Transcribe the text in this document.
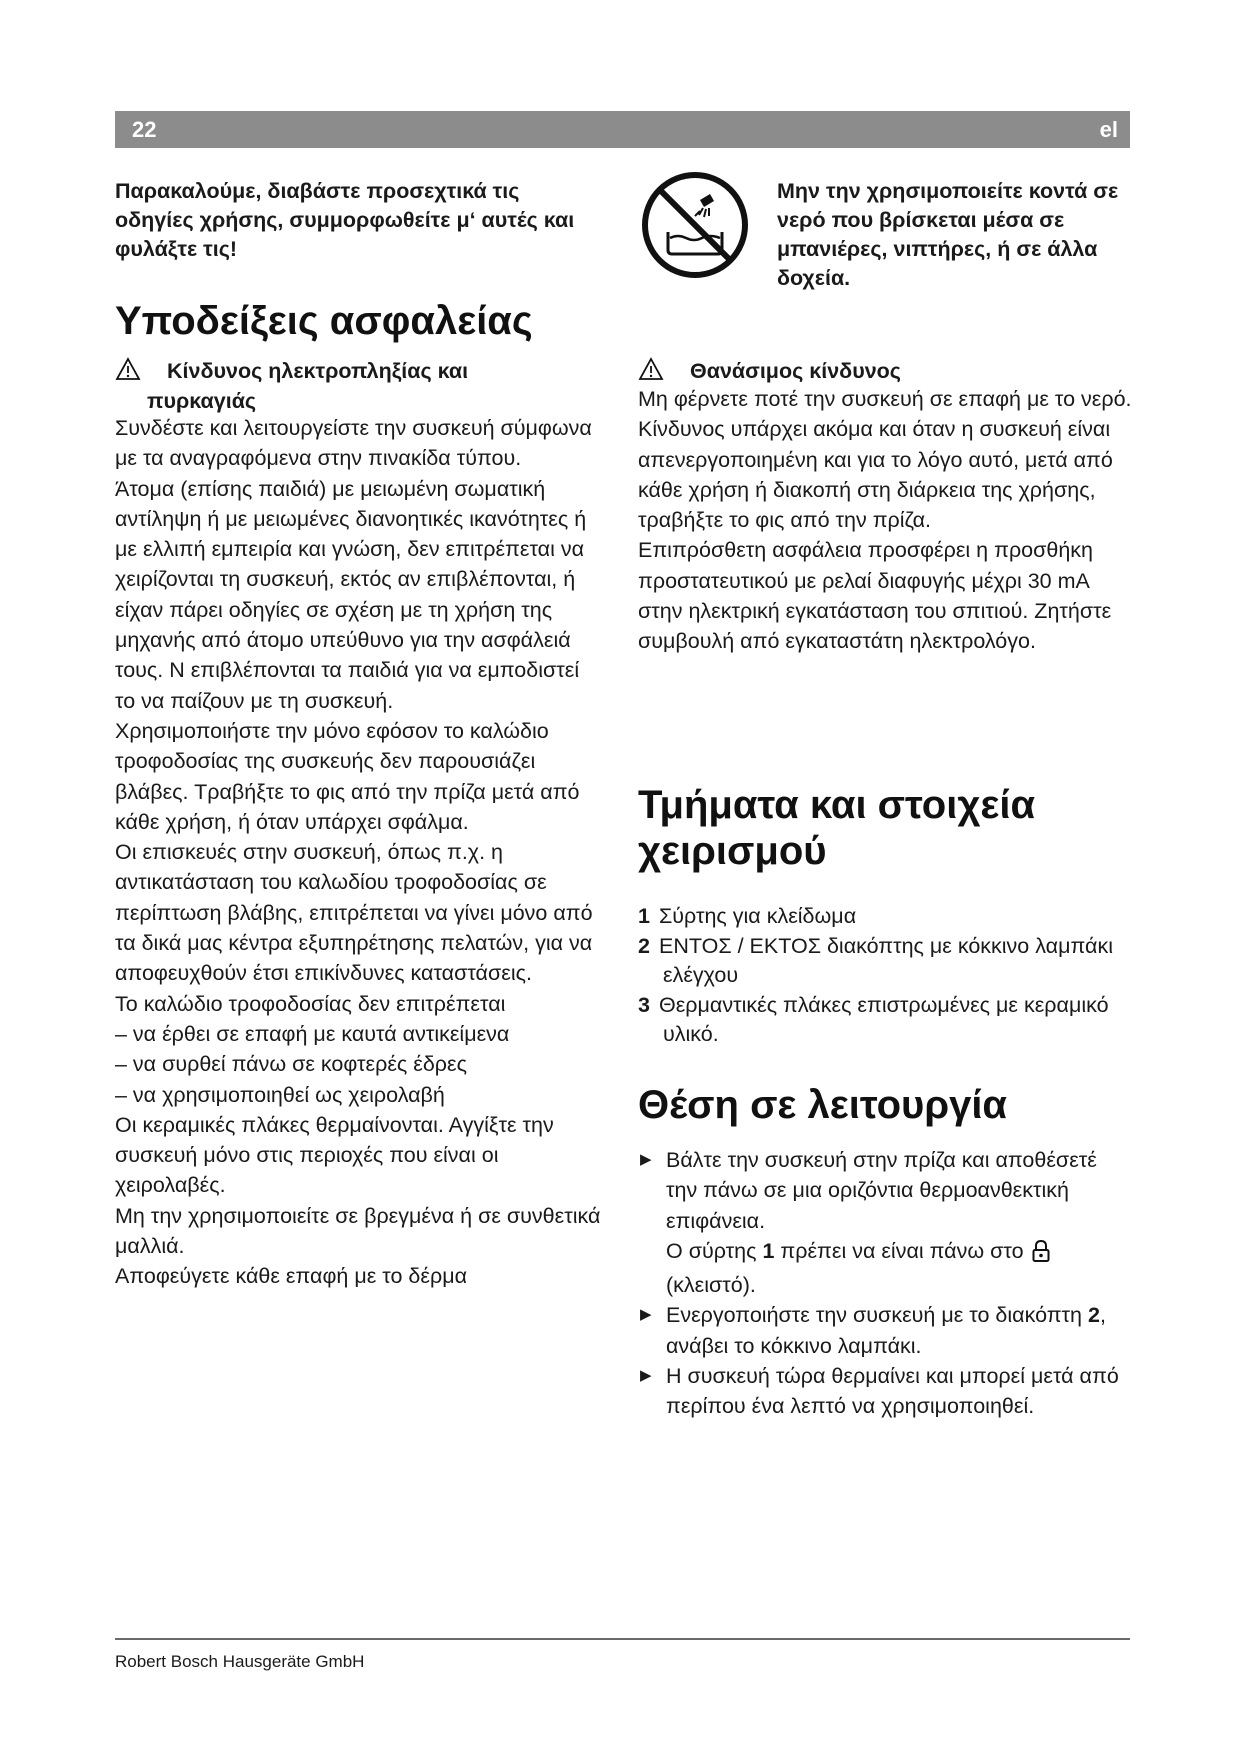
22	el
Παρακαλούμε, διαβάστε προσεχτικά τις οδηγίες χρήσης, συμμορφωθείτε μ‘ αυτές και φυλάξτε τις!
Μην την χρησιμοποιείτε κοντά σε νερό που βρίσκεται μέσα σε μπανιέρες, νιπτήρες, ή σε άλλα δοχεία.
Υποδείξεις ασφαλείας
Κίνδυνος ηλεκτροπληξίας και
πυρκαγιάς

Συνδέστε και λειτουργείστε την συσκευή σύμφωνα με τα αναγραφόμενα στην πινακίδα τύπου.

Άτομα (επίσης παιδιά) με μειωμένη σωματική αντίληψη ή με μειωμένες διανοητικές ικανότητες ή με ελλιπή εμπειρία και γνώση, δεν επιτρέπεται να χειρίζονται τη συσκευή, εκτός αν επιβλέπονται, ή είχαν πάρει οδηγίες σε σχέση με τη χρήση της μηχανής από άτομο υπεύθυνο για την ασφάλειά τους. Ν επιβλέπονται τα παιδιά για να εμποδιστεί το να παίζουν με τη συσκευή.

Χρησιμοποιήστε την μόνο εφόσον το καλώδιο τροφοδοσίας της συσκευής δεν παρουσιάζει βλάβες. Τραβήξτε το φις από την πρίζα μετά από κάθε χρήση, ή όταν υπάρχει σφάλμα.

Οι επισκευές στην συσκευή, όπως π.χ. η αντικατάσταση του καλωδίου τροφοδοσίας σε περίπτωση βλάβης, επιτρέπεται να γίνει μόνο από τα δικά μας κέντρα εξυπηρέτησης πελατών, για να αποφευχθούν έτσι επικίνδυνες καταστάσεις.

Το καλώδιο τροφοδοσίας δεν επιτρέπεται

– να έρθει σε επαφή με καυτά αντικείμενα

– να συρθεί πάνω σε κοφτερές έδρες

– να χρησιμοποιηθεί ως χειρολαβή

Οι κεραμικές πλάκες θερμαίνονται. Αγγίξτε την συσκευή μόνο στις περιοχές που είναι οι χειρολαβές.

Μη την χρησιμοποιείτε σε βρεγμένα ή σε συνθετικά μαλλιά.

Αποφεύγετε κάθε επαφή με το δέρμα

Θανάσιμος κίνδυνος

Μη φέρνετε ποτέ την συσκευή σε επαφή με το νερό. Κίνδυνος υπάρχει ακόμα και όταν η συσκευή είναι απενεργοποιημένη και για το λόγο αυτό, μετά από κάθε χρήση ή διακοπή στη διάρκεια της χρήσης, τραβήξτε το φις από την πρίζα.

Επιπρόσθετη ασφάλεια προσφέρει η προσθήκη προστατευτικού με ρελαί διαφυγής μέχρι 30 mA στην ηλεκτρική εγκατάσταση του σπιτιού. Ζητήστε συμβουλή από εγκαταστάτη ηλεκτρολόγο.

Τμήματα και στοιχεία
χειρισμού
1 Σύρτης για κλείδωμα
2 ΕΝΤΟΣ / ΕΚΤΟΣ διακόπτης με κόκκινο λαμπάκι ελέγχου
3 Θερμαντικές πλάκες επιστρωμένες με κεραμικό υλικό.
Θέση σε λειτουργία
▶ Βάλτε την συσκευή στην πρίζα και αποθέσετέ την πάνω σε μια οριζόντια θερμοανθεκτική επιφάνεια.
Ο σύρτης 1 πρέπει να είναι πάνω στο
(κλειστό).
▶ Ενεργοποιήστε την συσκευή με το διακόπτη 2, ανάβει το κόκκινο λαμπάκι.
▶ Η συσκευή τώρα θερμαίνει και μπορεί μετά από περίπου ένα λεπτό να χρησιμοποιηθεί.
Robert Bosch Hausgeräte GmbH
